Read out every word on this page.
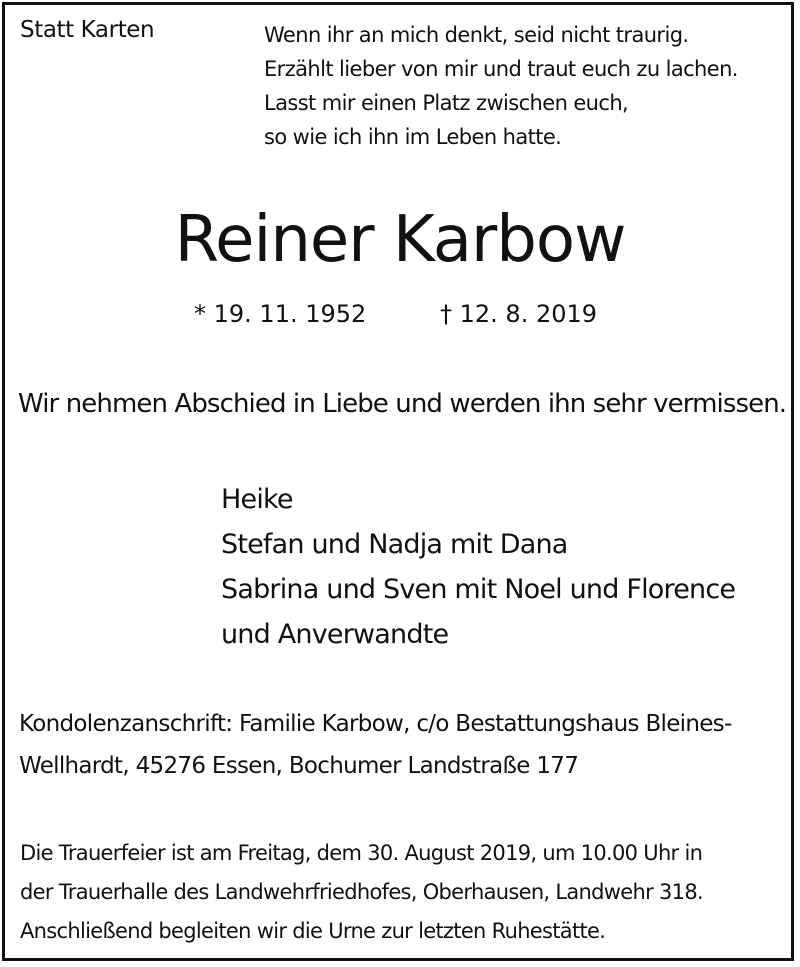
Statt Karten	Wenn ihr an mich denkt, seid nicht traurig.
Erzählt lieber von mir und traut euch zu lachen.
Lasst mir einen Platz zwischen euch,
so wie ich ihn im Leben hatte.
Reiner Karbow
* 19. 11. 1952	† 12. 8. 2019
Wir nehmen Abschied in Liebe und werden ihn sehr vermissen.
Heike
Stefan und Nadja mit Dana
Sabrina und Sven mit Noel und Florence
und Anverwandte
Kondolenzanschrift: Familie Karbow, c/o Bestattungshaus Bleines-
Wellhardt, 45276 Essen, Bochumer Landstraße 177
Die Trauerfeier ist am Freitag, dem 30. August 2019, um 10.00 Uhr in
der Trauerhalle des Landwehrfriedhofes, Oberhausen, Landwehr 318.
Anschließend begleiten wir die Urne zur letzten Ruhestätte.
